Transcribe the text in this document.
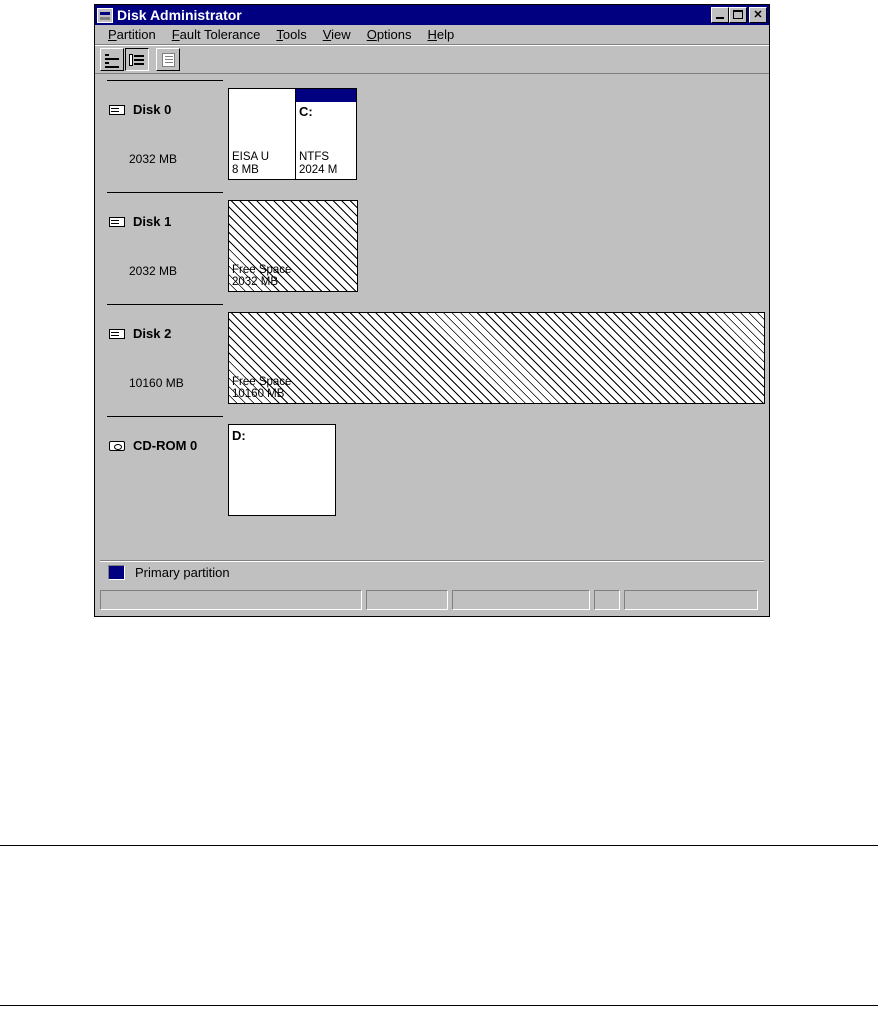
Disk Administrator	✕
Partition	Fault Tolerance	Tools	View	Options	Help
Disk 0
2032 MB	EISA U
8 MB
C:
NTFS
2024 M
Disk 1
2032 MB	Free Space
2032 MB
Disk 2
10160 MB	Free Space
10160 MB
CD-ROM 0
D:
Primary partition
